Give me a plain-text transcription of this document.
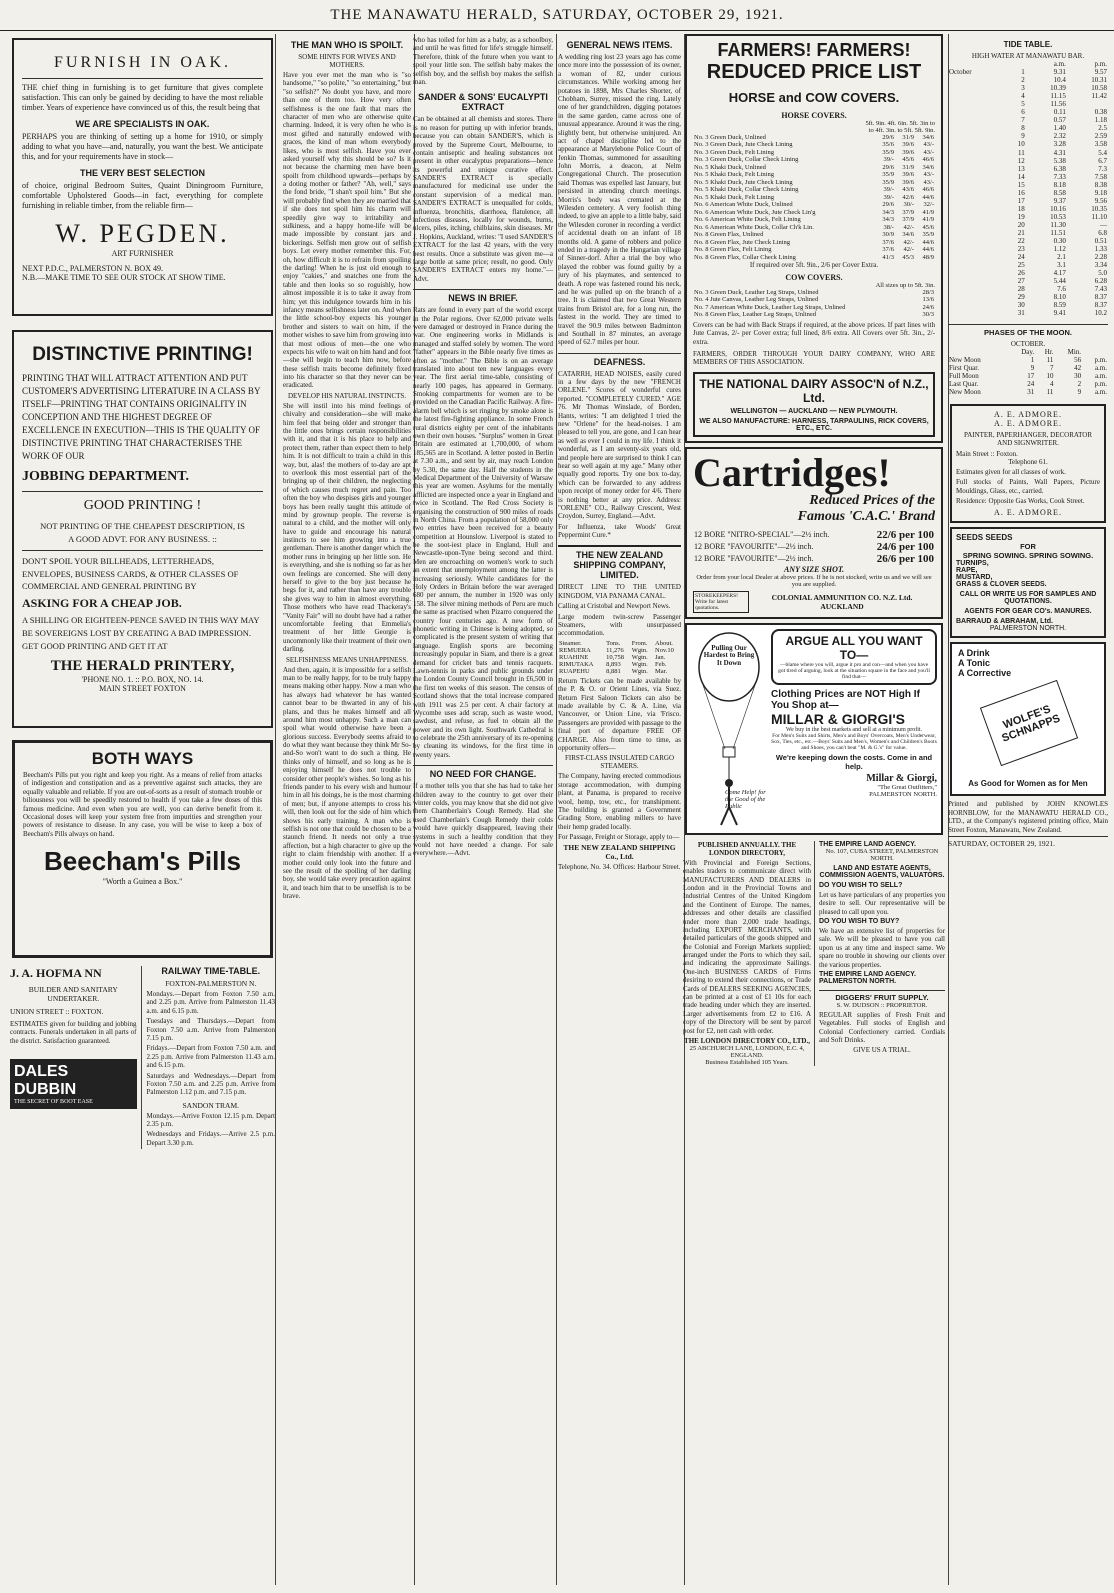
THE MANAWATU HERALD, SATURDAY, OCTOBER 29, 1921.
FURNISH IN OAK.

THE chief thing in furnishing is to get furniture that gives complete satisfaction. This can only be gained by deciding to have the most reliable timber. Years of experience have convinced us of this, the result being that

WE ARE SPECIALISTS IN OAK.

PERHAPS you are thinking of setting up a home for 1910, or simply adding to what you have—and, naturally, you want the best. We anticipate this, and for your requirements have in stock—

THE VERY BEST SELECTION

of choice, original Bedroom Suites, Quaint Diningroom Furniture, comfortable Upholstered Goods—in fact, everything for complete furnishing in reliable timber, from the reliable firm—

W. PEGDEN.
ART FURNISHER
NEXT P.D.C., PALMERSTON N. BOX 49.
N.B.—MAKE TIME TO SEE OUR STOCK AT SHOW TIME.
DISTINCTIVE PRINTING!

PRINTING THAT WILL ATTRACT ATTENTION AND PUT CUSTOMER'S ADVERTISING LITERATURE IN A CLASS BY ITSELF—PRINTING THAT CONTAINS ORIGINALITY IN CONCEPTION AND THE HIGHEST DEGREE OF EXCELLENCE IN EXECUTION—THIS IS THE QUALITY OF DISTINCTIVE PRINTING THAT CHARACTERISES THE WORK OF OUR

JOBBING DEPARTMENT.
GOOD PRINTING !

NOT PRINTING OF THE CHEAPEST DESCRIPTION, IS A GOOD ADVT. FOR ANY BUSINESS. ::

DON'T SPOIL YOUR BILLHEADS, LETTERHEADS, ENVELOPES, BUSINESS CARDS, & OTHER CLASSES OF COMMERCIAL AND GENERAL PRINTING BY

ASKING FOR A CHEAP JOB.

A SHILLING OR EIGHTEEN-PENCE SAVED IN THIS WAY MAY BE SOVEREIGNS LOST BY CREATING A BAD IMPRESSION. GET GOOD PRINTING AND GET IT AT

THE HERALD PRINTERY,
'PHONE NO. 1. :: P.O. BOX, NO. 14.
MAIN STREET FOXTON
BOTH WAYS

Beecham's Pills put you right and keep you right. As a means of relief from attacks of indigestion and constipation and as a preventive against such attacks, they are equally valuable and reliable. If you are out-of-sorts as a result of stomach trouble or biliousness you will be speedily restored to health if you take a few doses of this famous medicine. And even when you are well, you can derive benefit from it. Occasional doses will keep your system free from impurities and strengthen your powers of resistance to disease. In any case, you will be wise to keep a box of Beecham's Pills always on hand.

Beecham's Pills
"Worth a Guinea a Box."
J. A. HOFMA NN
BUILDER AND SANITARY UNDERTAKER.
UNION STREET :: FOXTON.

ESTIMATES given for building and jobbing contracts. Funerals undertaken in all parts of the district. Satisfaction guaranteed.

DALES DUBBIN
THE SECRET OF BOOT EASE
RAILWAY TIME-TABLE.
FOXTON-PALMERSTON N.

Mondays.—Depart from Foxton 7.50 a.m. and 2.25 p.m. Arrive from Palmerston 11.43 a.m. and 6.15 p.m.

Tuesdays and Thursdays.—Depart from Foxton 7.50 a.m. Arrive from Palmerston 7.15 p.m.

Fridays.—Depart from Foxton 7.50 a.m. and 2.25 p.m. Arrive from Palmerston 11.43 a.m. and 6.15 p.m.

Saturdays and Wednesdays.—Depart from Foxton 7.50 a.m. and 2.25 p.m. Arrive from Palmerston 1.12 p.m. and 7.15 p.m.

SANDON TRAM.

Mondays.—Arrive Foxton 12.15 p.m. Depart 2.35 p.m.

Wednesdays and Fridays.—Arrive 2.5 p.m. Depart 3.30 p.m.

THE MAN WHO IS SPOILT.
SOME HINTS FOR WIVES AND MOTHERS.

Have you ever met the man who is "so handsome," "so polite," "so entertaining," but "so selfish?" No doubt you have, and more than one of them too. How very often selfishness is the one fault that mars the character of men who are otherwise quite charming. Indeed, it is very often he who is most gifted and naturally endowed with graces, the kind of man whom everybody likes, who is most selfish. Have you ever asked yourself why this should be so? Is it not because the charming men have been spoilt from childhood upwards—perhaps by a doting mother or father? "Ah, well," says the fond bride, "I shan't spoil him." But she will probably find when they are married that if she does not spoil him his charm will speedily give way to irritability and sulkiness, and a happy home-life will be made impossible by constant jars and bickerings. Selfish men grow out of selfish boys. Let every mother remember this. For, oh, how difficult it is to refrain from spoiling the darling! When he is just old enough to enjoy "cakies," and snatches one from the table and then looks so so roguishly, how almost impossible it is to take it away from him; yet this indulgence towards him in his infancy means selfishness later on. And when the little school-boy expects his younger brother and sisters to wait on him, if the mother wishes to save him from growing into that most odious of men—the one who expects his wife to wait on him hand and foot—she will begin to teach him now, before these selfish traits become definitely fixed into his character so that they never can be eradicated.

DEVELOP HIS NATURAL INSTINCTS.

She will instil into his mind feelings of chivalry and consideration—she will make him feel that being older and stronger than the little ones brings certain responsibilities with it, and that it is his place to help and protect them, rather than expect them to help him. It is not difficult to train a child in this way, but, alas! the mothers of to-day are apt to overlook this most essential part of the bringing up of their children, the neglecting of which causes much regret and pain. Too often the boy who despises girls and younger boys has been really taught this attitude of mind by grownup people. The reverse is natural to a child, and the mother will only have to guide and encourage his natural instincts to see him growing into a true gentleman. There is another danger which the mother runs in bringing up her little son. He is everything, and she is nothing so far as her own feelings are concerned. She will deny herself to give to the boy just because he begs for it, and rather than have any trouble she gives way to him in almost everything. Those mothers who have read Thackeray's "Vanity Fair" will no doubt have had a rather uncomfortable feeling that Emmelia's treatment of her little Georgie is uncommonly like their treatment of their own darling.

SELFISHNESS MEANS UNHAPPINESS.

And then, again, it is impossible for a selfish man to be really happy, for to be truly happy means making other happy. Now a man who has always had whatever he has wanted cannot bear to be thwarted in any of his plans, and thus he makes himself and all around him most unhappy. Such a man can spoil what would otherwise have been a glorious success. Everybody seems afraid to do what they want because they think Mr So-and-So won't want to do such a thing. He thinks only of himself, and so long as he is enjoying himself he does not trouble to consider other people's wishes. So long as his friends pander to his every wish and humour him in all his doings, he is the most charming of men; but, if anyone attempts to cross his will, then look out for the side of him which shows his early training. A man who is selfish is not one that could be chosen to be a staunch friend. It needs not only a true affection, but a high character to give up the right to claim friendship with another. If a mother could only look into the future and see the result of the spoiling of her darling boy, she would take every precaution against it, and teach him that to be unselfish is to be brave.

who has toiled for him as a baby, as a schoolboy, and until he was fitted for life's struggle himself. Therefore, think of the future when you want to spoil your little son. The selfish baby makes the selfish boy, and the selfish boy makes the selfish man.

SANDER & SONS' EUCALYPTI EXTRACT

Can be obtained at all chemists and stores. There is no reason for putting up with inferior brands, because you can obtain SANDER'S, which is proved by the Supreme Court, Melbourne, to contain antiseptic and healing substances not present in other eucalyptus preparations—hence its powerful and unique curative effect. SANDER'S EXTRACT is specially manufactured for medicinal use under the constant supervision of a medical man. SANDER'S EXTRACT is unequalled for colds, influenza, bronchitis, diarrhoea, flatulence, all infectious diseases, locally for wounds, burns, ulcers, piles, itching, chilblains, skin diseases. Mr J. Hopkins, Auckland, writes: "I used SANDER'S EXTRACT for the last 42 years, with the very best results. Once a substitute was given me—a large bottle at same price; result, no good. Only SANDER'S EXTRACT enters my home."—Advt.

NEWS IN BRIEF.

Rats are found in every part of the world except in the Polar regions. Over 62,000 private wells were damaged or destroyed in France during the war. One engineering works in Midlands is managed and staffed solely by women. The word "father" appears in the Bible nearly five times as often as "mother." The Bible is on an average translated into about ten new languages every year. The first aerial time-table, consisting of nearly 100 pages, has appeared in Germany. Smoking compartments for women are to be provided on the Canadian Pacific Railway. A fire-alarm bell which is set ringing by smoke alone is the latest fire-fighting appliance. In some French rural districts eighty per cent of the inhabitants own their own houses. "Surplus" women in Great Britain are estimated at 1,700,000, of whom 185,565 are in Scotland. A letter posted in Berlin at 7.30 a.m., and sent by air, may reach London by 5.30, the same day. Half the students in the Medical Department of the University of Warsaw this year are women. Asylums for the mentally afflicted are inspected once a year in England and twice in Scotland. The Red Cross Society is organising the construction of 900 miles of roads in North China. From a population of 58,000 only two entries have been received for a beauty competition at Hounslow. Liverpool is stated to be the soot-iest place in England, Hull and Newcastle-upon-Tyne being second and third. Men are encroaching on women's work to such an extent that unemployment among the latter is increasing seriously. While candidates for the Holy Orders in Britain before the war averaged 680 per annum, the number in 1920 was only 158. The silver mining methods of Peru are much the same as practised when Pizarro conquered the country four centuries ago. A new form of phonetic writing in Chinese is being adopted, so complicated is the present system of writing that language. English sports are becoming increasingly popular in Siam, and there is a great demand for cricket bats and tennis racquets. Lawn-tennis in parks and public grounds under the London County Council brought in £6,500 in the first ten weeks of this season. The census of Scotland shows that the total increase compared with 1911 was 2.5 per cent. A chair factory at Wycombe uses add scrap, such as waste wood, sawdust, and refuse, as fuel to obtain all the power and its own light. Southwark Cathedral is to celebrate the 25th anniversary of its re-opening by cleaning its windows, for the first time in twenty years.

NO NEED FOR CHANGE.

If a mother tells you that she has had to take her children away to the country to get over their winter colds, you may know that she did not give them Chamberlain's Cough Remedy. Had she used Chamberlain's Cough Remedy their colds would have quickly disappeared, leaving their systems in such a healthy condition that they would not have needed a change. For sale everywhere.—Advt.

GENERAL NEWS ITEMS.

A wedding ring lost 23 years ago has come once more into the possession of its owner, a woman of 82, under curious circumstances. While working among her potatoes in 1898, Mrs Charles Shorter, of Chobham, Surrey, missed the ring. Lately one of her grandchildren, digging potatoes in the same garden, came across one of unusual appearance. Around it was the ring, slightly bent, but otherwise uninjured. An act of chapel discipline led to the appearance at Marylebone Police Court of Jenkin Thomas, summoned for assaulting John Morris, a deacon, at Nelm Congregational Church. The prosecution said Thomas was expelled last January, but persisted in attending church meetings. Morris's body was cremated at the Wilesden cemetery. A very foolish thing indeed, to give an apple to a little baby, said the Wilesden coroner in recording a verdict of accidental death on an infant of 18 months old. A game of robbers and police ended in a tragedy in the Hungarian village of Sinner-dorf. After a trial the boy who played the robber was found guilty by a jury of his playmates, and sentenced to death. A rope was fastened round his neck, and he was pulled up on the branch of a tree. It is claimed that two Great Western trains from Bristol are, for a long run, the fastest in the world. They are timed to travel the 90.9 miles between Badminton and Southall in 87 minutes, an average speed of 62.7 miles per hour.

DEAFNESS.

CATARRH, HEAD NOISES, easily cured in a few days by the new "FRENCH ORLENE." Scores of wonderful cures reported. "COMPLETELY CURED." AGE 76. Mr Thomas Winslade, of Borden, Hants, writes: "I am delighted I tried the new "Orlene" for the head-noises. I am pleased to tell you, are gone, and I can hear as well as ever I could in my life. I think it wonderful, as I am seventy-six years old, and people here are surprised to think I can hear so well again at my age." Many other equally good reports. Try one box to-day, which can be forwarded to any address upon receipt of money order for 4/6. There is nothing better at any price. Address: "ORLENE" CO., Railway Crescent, West Croydon, Surrey, England.—Advt.

For Influenza, take Woods' Great Peppermint Cure.*

THE NEW ZEALAND SHIPPING COMPANY, LIMITED.

DIRECT LINE TO THE UNITED KINGDOM, VIA PANAMA CANAL.

Calling at Cristobal and Newport News.

Large modern twin-screw Passenger Steamers, with unsurpassed accommodation.

Steamer.	Tons.	From.	About.
REMUERA	11,276	Wgtn.	Nov.10
RUAHINE	10,758	Wgtn.	Jan.
RIMUTAKA	8,893	Wgtn.	Feb.
RUAPEHU	8,881	Wgtn.	Mar.

Return Tickets can be made available by the P. & O. or Orient Lines, via Suez. Return First Saloon Tickets can also be made available by C. & A. Line, via Vancouver, or Union Line, via 'Frisco. Passengers are provided with passage to the final port of departure FREE OF CHARGE. Also from time to time, as opportunity offers—

FIRST-CLASS INSULATED CARGO STEAMERS.

The Company, having erected commodious storage accommodation, with dumping plant, at Panama, is prepared to receive wool, hemp, tow, etc., for transhipment. The building is granted a Government Grading Store, enabling millers to have their hemp graded locally.

For Passage, Freight or Storage, apply to—

THE NEW ZEALAND SHIPPING Co., Ltd.

Telephone, No. 34. Offices: Harbour Street.

FARMERS! FARMERS!
REDUCED PRICE LIST
HORSE and COW COVERS.
HORSE COVERS.
5ft. 9in. 4ft. 6in. 5ft. 3in to
to 4ft. 3in. to 5ft. 5ft. 9in.
No. 3 Green Duck, Unlined	29/6	31/9	34/6
No. 3 Green Duck, Jute Check Lining	35/6	39/6	43/-
No. 3 Green Duck, Felt Lining	35/9	39/6	43/-
No. 3 Green Duck, Collar Check Lining	39/-	45/6	46/6
No. 5 Khaki Duck, Unlined	29/6	31/9	34/6
No. 5 Khaki Duck, Felt Lining	35/9	39/6	43/-
No. 5 Khaki Duck, Jute Check Lining	35/9	39/6	43/-
No. 5 Khaki Duck, Collar Check Lining	39/-	43/6	46/6
No. 5 Khaki Duck, Felt Lining	39/-	42/6	44/6
No. 6 American White Duck, Unlined	29/6	30/-	32/-
No. 6 American White Duck, Jute Check Lin'g	34/3	37/9	41/9
No. 6 American White Duck, Felt Lining	34/3	37/9	41/9
No. 6 American White Duck, Collar Ch'k Lin.	38/-	42/-	45/6
No. 8 Green Flax, Unlined	30/9	34/6	35/9
No. 8 Green Flax, Jute Check Lining	37/6	42/-	44/6
No. 8 Green Flax, Felt Lining	37/6	42/-	44/6
No. 8 Green Flax, Collar Check Lining	41/3	45/3	48/9
If required over 5ft. 9in., 2/6 per Cover Extra.
COW COVERS.
All sizes up to 5ft. 3in.
No. 3 Green Duck, Leather Leg Straps, Unlined	28/3
No. 4 Jute Canvas, Leather Leg Straps, Unlined	13/6
No. 7 American White Duck, Leather Leg Straps, Unlined	24/6
No. 8 Green Flax, Leather Leg Straps, Unlined	30/3

Covers can be had with Back Straps if required, at the above prices. If part lines with Jute Canvas, 2/- per Cover extra; full lined, 8/6 extra. All Covers over 5ft. 3in., 2/- extra.

FARMERS, ORDER THROUGH YOUR DAIRY COMPANY, WHO ARE MEMBERS OF THIS ASSOCIATION.

THE NATIONAL DAIRY ASSOC'N of N.Z., Ltd.
WELLINGTON — AUCKLAND — NEW PLYMOUTH.
WE ALSO MANUFACTURE: HARNESS, TARPAULINS, RICK COVERS, ETC., ETC.
Cartridges!
Reduced Prices of the
Famous 'C.A.C.' Brand
12 BORE "NITRO-SPECIAL"—2½ inch.	22/6 per 100
12 BORE "FAVOURITE"—2½ inch.	24/6 per 100
12 BORE "FAVOURITE"—2½ inch.	26/6 per 100
ANY SIZE SHOT.
Order from your local Dealer at above prices. If he is not stocked, write us and we will see you are supplied.
STOREKEEPERS! Write for latest quotations.
COLONIAL AMMUNITION CO. N.Z. Ltd.
AUCKLAND
Pulling Our Hardest to Bring It Down
Come Help! for the Good of the Public
ARGUE ALL YOU WANT TO—
—blame where you will, argue it pro and con—and when you have got tired of arguing, look at the situation square in the face and you'll find that—
Clothing Prices are NOT High If You Shop at—
MILLAR & GIORGI'S
We buy in the best markets and sell at a minimum profit.
For Men's Suits and Shirts, Men's and Boys' Overcoats, Men's Underwear, Sox, Ties, etc., etc.—Boys' Suits and Men's, Women's and Children's Boots and Shoes, you can't beat "M. & G.'s" for value.
We're keeping down the costs. Come in and help.
Millar & Giorgi,
"The Great Outfitters,"
PALMERSTON NORTH.
PUBLISHED ANNUALLY. THE LONDON DIRECTORY,

With Provincial and Foreign Sections, enables traders to communicate direct with MANUFACTURERS AND DEALERS in London and in the Provincial Towns and Industrial Centres of the United Kingdom and the Continent of Europe. The names, addresses and other details are classified under more than 2,000 trade headings, including EXPORT MERCHANTS, with detailed particulars of the goods shipped and the Colonial and Foreign Markets supplied; arranged under the Ports to which they sail, and indicating the approximate Sailings. One-inch BUSINESS CARDS of Firms desiring to extend their connections, or Trade Cards of DEALERS SEEKING AGENCIES, can be printed at a cost of £1 10s for each trade heading under which they are inserted. Larger advertisements from £2 to £16. A copy of the Directory will be sent by parcel post for £2, nett cash with order.

THE LONDON DIRECTORY CO., LTD.,
25 ABCHURCH LANE, LONDON, E.C. 4, ENGLAND.
Business Established 105 Years.
THE EMPIRE LAND AGENCY.
No. 107, CUBA STREET, PALMERSTON NORTH.
LAND AND ESTATE AGENTS, COMMISSION AGENTS, VALUATORS.
DO YOU WISH TO SELL?

Let us have particulars of any properties you desire to sell. Our representative will be pleased to call upon you.

DO YOU WISH TO BUY?

We have an extensive list of properties for sale. We will be pleased to have you call upon us at any time and inspect same. We spare no trouble in showing our clients over the various properties.

THE EMPIRE LAND AGENCY. PALMERSTON NORTH.
DIGGERS' FRUIT SUPPLY.
S. W. DUDSON :: PROPRIETOR.

REGULAR supplies of Fresh Fruit and Vegetables. Full stocks of English and Colonial Confectionery carried. Cordials and Soft Drinks.

GIVE US A TRIAL.
TIDE TABLE.
HIGH WATER AT MANAWATU BAR.
		a.m.	p.m.
October	1	9.31	9.57
	2	10.4	10.31
	3	10.39	10.58
	4	11.15	11.42
	5	11.56	
	6	0.11	0.38
	7	0.57	1.18
	8	1.40	2.5
	9	2.32	2.59
	10	3.28	3.58
	11	4.31	5.4
	12	5.38	6.7
	13	6.38	7.3
	14	7.33	7.58
	15	8.18	8.38
	16	8.58	9.18
	17	9.37	9.56
	18	10.16	10.35
	19	10.53	11.10
	20	11.30	—
	21	11.51	6.8
	22	0.30	0.51
	23	1.12	1.33
	24	2.1	2.28
	25	3.1	3.34
	26	4.17	5.0
	27	5.44	6.28
	28	7.6	7.43
	29	8.10	8.37
	30	8.59	8.37
	31	9.41	10.2
PHASES OF THE MOON.
OCTOBER.
	Day.	Hr.	Min.	
New Moon	1	11	56	p.m.
First Quar.	9	7	42	a.m.
Full Moon	17	10	30	a.m.
Last Quar.	24	4	2	p.m.
New Moon	31	11	9	a.m.
A. E. ADMORE.
A. E. ADMORE.
PAINTER, PAPERHANGER, DECORATOR AND SIGNWRITER.
Main Street :: Foxton.
Telephone 61.

Estimates given for all classes of work.

Full stocks of Paints, Wall Papers, Picture Mouldings, Glass, etc., carried.

Residence: Opposite Gas Works, Cook Street.

A. E. ADMORE.
SEEDS SEEDS
FOR
SPRING SOWING. SPRING SOWING.
TURNIPS,
RAPE,
MUSTARD,
GRASS & CLOVER SEEDS.
CALL OR WRITE US FOR SAMPLES AND QUOTATIONS.
AGENTS FOR GEAR CO's. MANURES.
BARRAUD & ABRAHAM, Ltd.
PALMERSTON NORTH.
A Drink
A Tonic
A Corrective
WOLFE'S SCHNAPPS
As Good for Women as for Men

Printed and published by JOHN KNOWLES HORNBLOW, for the MANAWATU HERALD CO., LTD., at the Company's registered printing office, Main Street Foxton, Manawatu, New Zealand.

SATURDAY, OCTOBER 29, 1921.
